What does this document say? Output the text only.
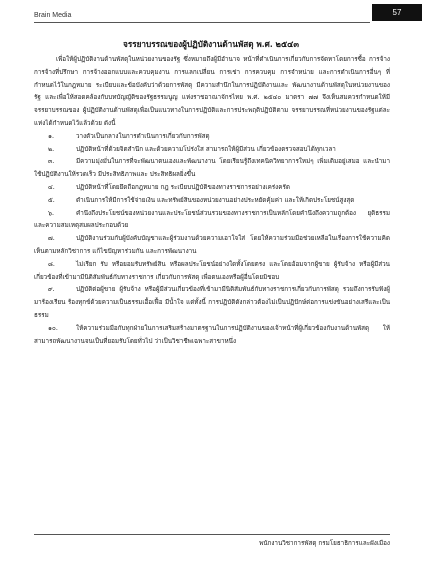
Brain Media	57
จรรยาบรรณของผู้ปฏิบัติงานด้านพัสดุ พ.ศ. ๒๕๔๓

เพื่อให้ผู้ปฏิบัติงานด้านพัสดุในหน่วยงานของรัฐ ซึ่งหมายถึงผู้มีอำนาจ หน้าที่ดำเนินการเกี่ยวกับการจัดหาโดยการซื้อ การจ้าง การจ้างที่ปรึกษา การจ้างออกแบบและควบคุมงาน การแลกเปลี่ยน การเช่า การควบคุม การจำหน่าย และการดำเนินการอื่นๆ ที่กำหนดไว้ในกฎหมาย ระเบียบและข้อบังคับว่าด้วยการพัสดุ มีความสำนึกในการปฏิบัติงานและ พัฒนางานด้านพัสดุในหน่วยงานของรัฐ และเพื่อให้สอดคล้องกับบทบัญญัติของรัฐธรรมนูญ แห่งราชอาณาจักรไทย พ.ศ. ๒๕๔๐ มาตรา ๗๗ จึงเห็นสมควรกำหนดให้มีจรรยาบรรณของ ผู้ปฏิบัติงานด้านพัสดุเพื่อเป็นแนวทางในการปฏิบัติและการประพฤติปฏิบัติตาม จรรยาบรรณที่หน่วยงานของรัฐแต่ละแห่งได้กำหนดไว้แล้วด้วย ดังนี้

๑.	วางตัวเป็นกลางในการดำเนินการเกี่ยวกับการพัสดุ

๒.	ปฏิบัติหน้าที่ด้วยจิตสำนึก และด้วยความโปร่งใส สามารถให้ผู้มีส่วน เกี่ยวข้องตรวจสอบได้ทุกเวลา

๓.	มีความมุ่งมั่นในการที่จะพัฒนาตนเองและพัฒนางาน โดยเรียนรู้ถึงเทคนิควิทยาการใหม่ๆ เพิ่มเติมอยู่เสมอ และนำมาใช้ปฏิบัติงานให้รวดเร็ว มีประสิทธิภาพและ ประสิทธิผลยิ่งขึ้น

๔.	ปฏิบัติหน้าที่โดยยึดถือกฎหมาย กฎ ระเบียบปฏิบัติของทางราชการอย่างเคร่งครัด

๕.	ดำเนินการให้มีการใช้จ่ายเงิน และทรัพย์สินของหน่วยงานอย่างประหยัดคุ้มค่า และให้เกิดประโยชน์สูงสุด

๖.	คำนึงถึงประโยชน์ของหน่วยงานและประโยชน์ส่วนรวมของทางราชการเป็นหลักโดยคำนึงถึงความถูกต้อง ยุติธรรมและความสมเหตุสมผลประกอบด้วย

๗.	ปฏิบัติงานร่วมกับผู้บังคับบัญชาและผู้ร่วมงานด้วยความเอาใจใส่ โดยให้ความร่วมมือช่วยเหลือในเรื่องการใช้ความคิดเห็นตามหลักวิชาการ แก้ไขปัญหาร่วมกัน และการพัฒนางาน

๘.	ไม่เรียก รับ หรือยอมรับทรัพย์สิน หรือผลประโยชน์อย่างใดทั้งโดยตรง และโดยอ้อมจากผู้ขาย ผู้รับจ้าง หรือผู้มีส่วนเกี่ยวข้องที่เข้ามามีนิติสัมพันธ์กับทางราชการ เกี่ยวกับการพัสดุ เพื่อตนเองหรือผู้อื่นโดยมิชอบ

๙.	ปฏิบัติต่อผู้ขาย ผู้รับจ้าง หรือผู้มีส่วนเกี่ยวข้องที่เข้ามามีนิติสัมพันธ์กับทางราชการเกี่ยวกับการพัสดุ รวมถึงการรับฟังผู้มาร้องเรียน ร้องทุกข์ด้วยความเป็นธรรมเอื้อเฟื้อ มีน้ำใจ แต่ทั้งนี้ การปฏิบัติดังกล่าวต้องไม่เป็นปฏิปักษ์ต่อการแข่งขันอย่างเสรีและเป็นธรรม

๑๐.	ให้ความร่วมมือกับทุกฝ่ายในการเสริมสร้างมาตรฐานในการปฏิบัติงานของเจ้าหน้าที่ผู้เกี่ยวข้องกับงานด้านพัสดุ ให้สามารถพัฒนางานจนเป็นที่ยอมรับโดยทั่วไป ว่าเป็นวิชาชีพเฉพาะสาขาหนึ่ง

พนักงานวิชาการพัสดุ กรมโยธาธิการและผังเมือง
